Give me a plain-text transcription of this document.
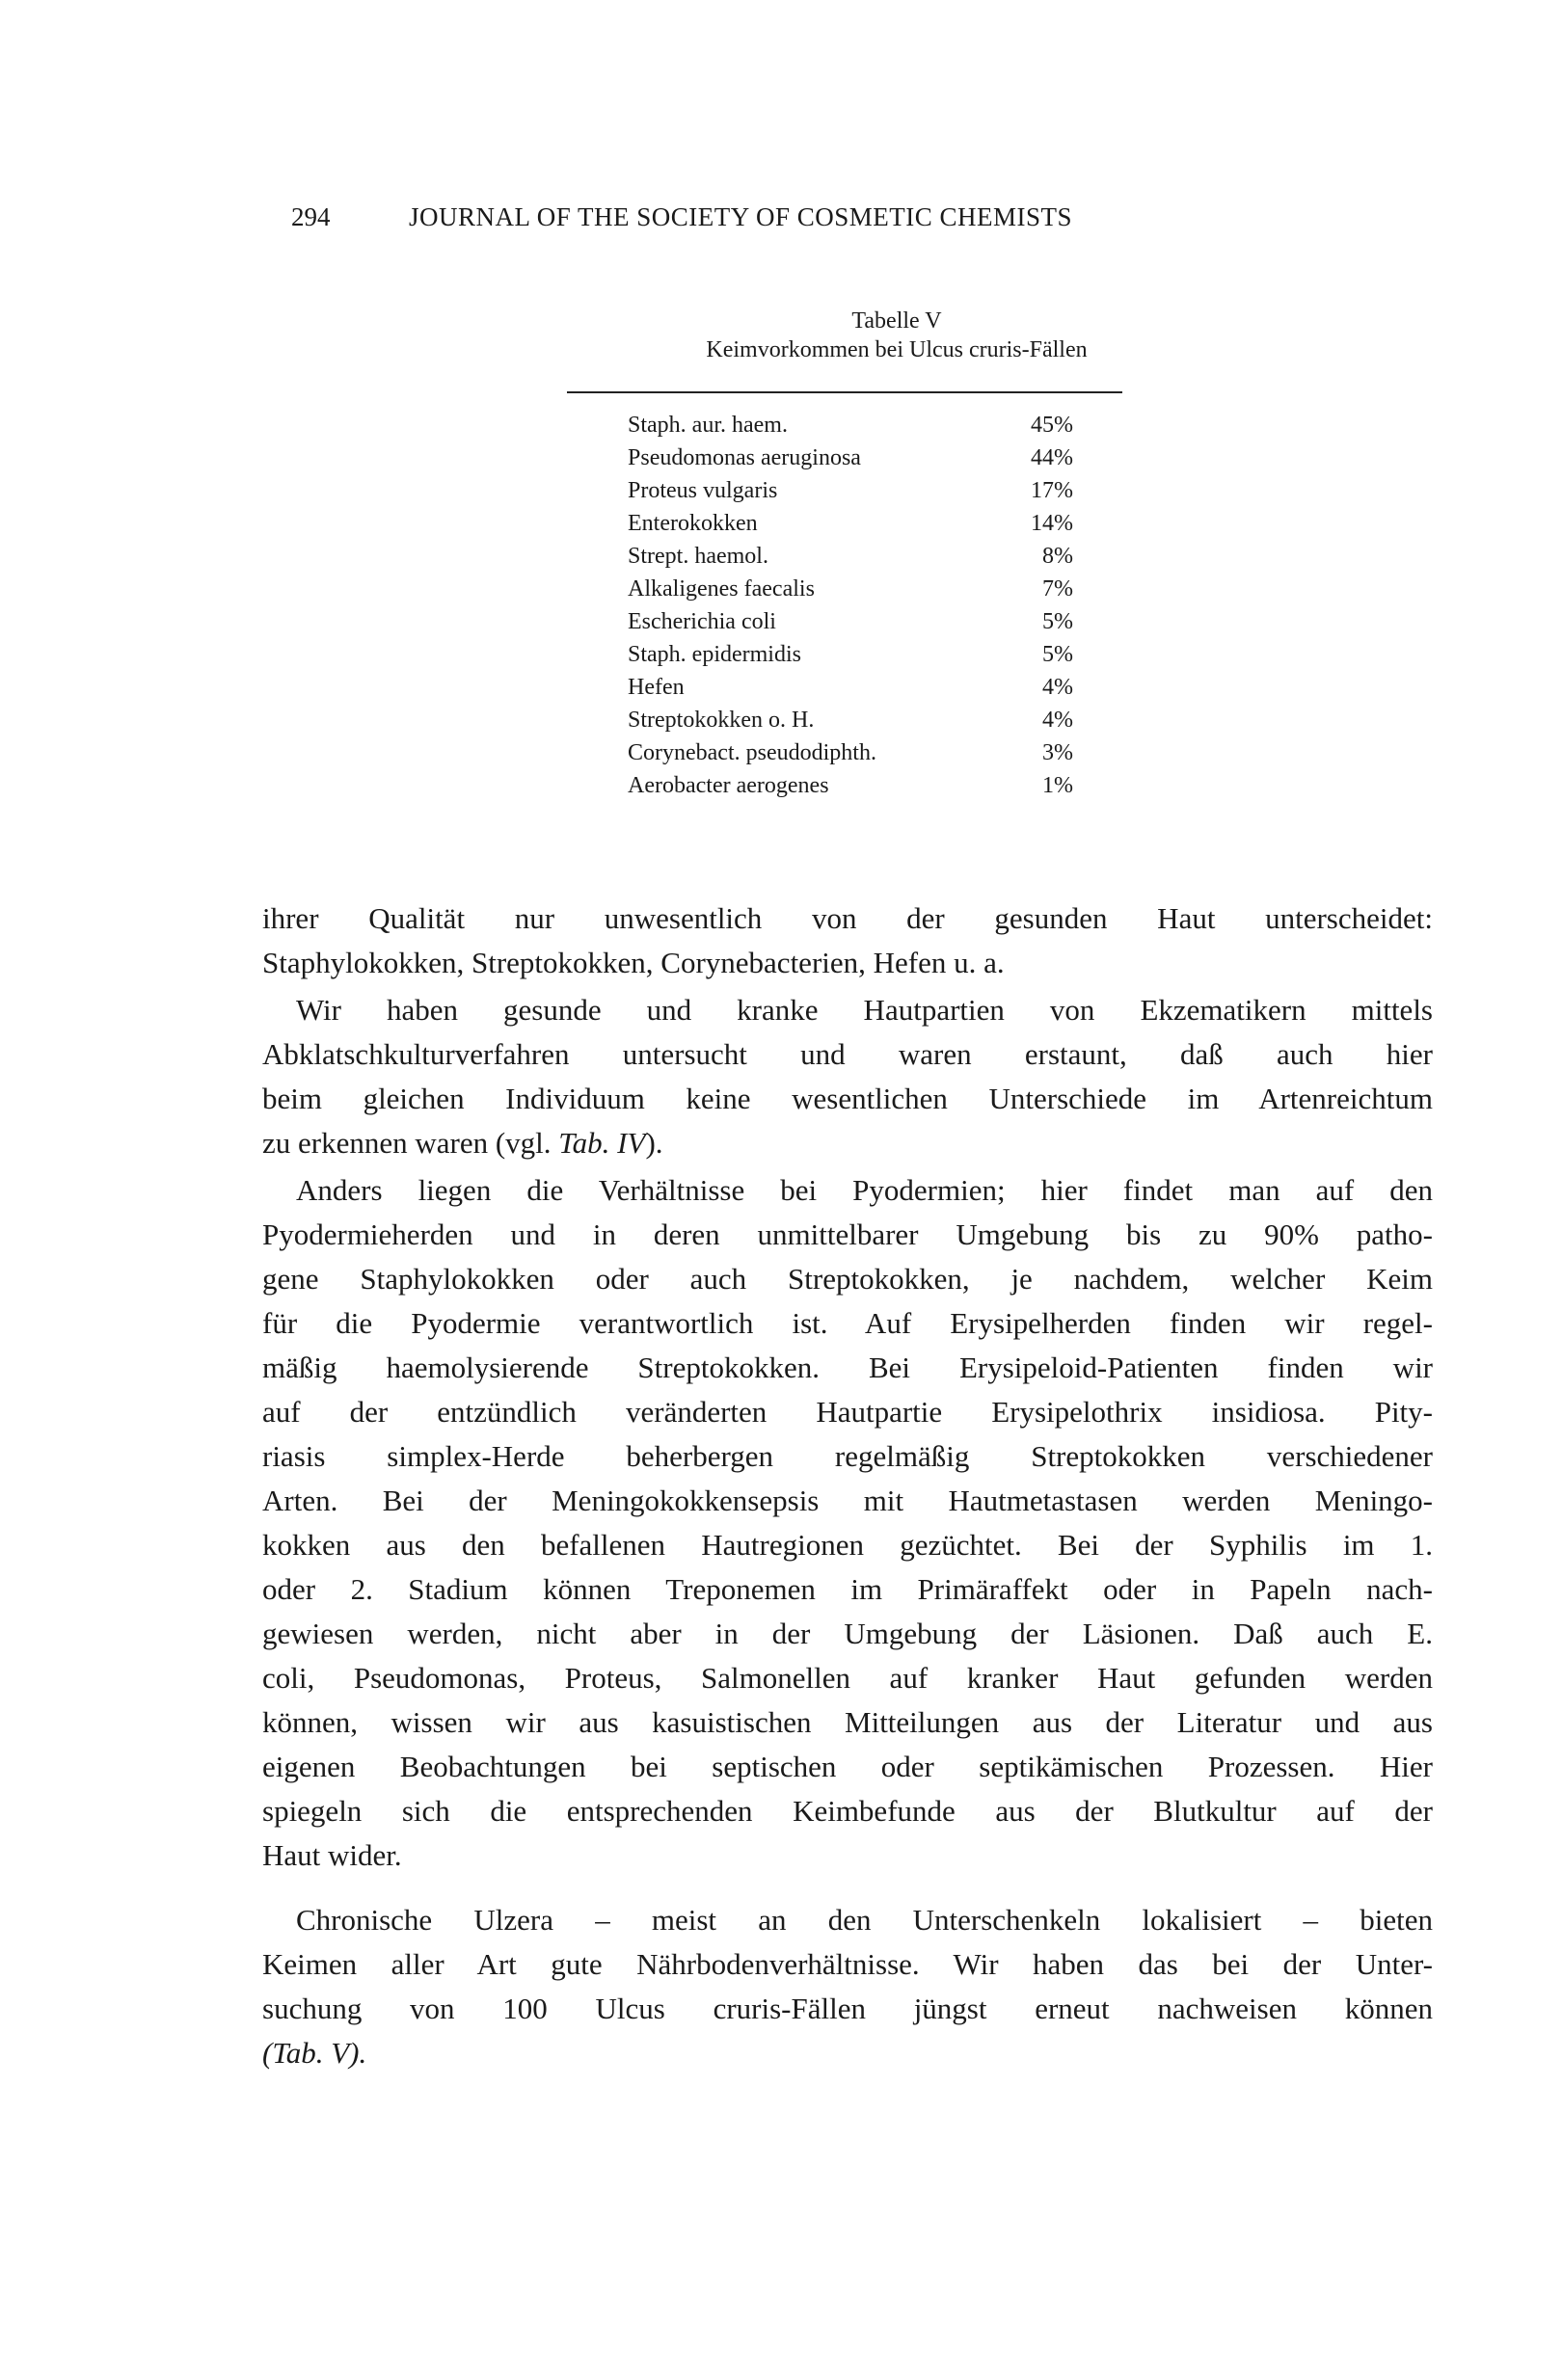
294	JOURNAL OF THE SOCIETY OF COSMETIC CHEMISTS
Tabelle V
Keimvorkommen bei Ulcus cruris-Fällen
Staph. aur. haem.	45%
Pseudomonas aeruginosa	44%
Proteus vulgaris	17%
Enterokokken	14%
Strept. haemol.	8%
Alkaligenes faecalis	7%
Escherichia coli	5%
Staph. epidermidis	5%
Hefen	4%
Streptokokken o. H.	4%
Corynebact. pseudodiphth.	3%
Aerobacter aerogenes	1%
ihrer Qualität nur unwesentlich von der gesunden Haut unterscheidet:
Staphylokokken, Streptokokken, Corynebacterien, Hefen u. a.
Wir haben gesunde und kranke Hautpartien von Ekzematikern mittels
Abklatschkulturverfahren untersucht und waren erstaunt, daß auch hier
beim gleichen Individuum keine wesentlichen Unterschiede im Artenreichtum
zu erkennen waren (vgl. Tab. IV).
Anders liegen die Verhältnisse bei Pyodermien; hier findet man auf den
Pyodermieherden und in deren unmittelbarer Umgebung bis zu 90% patho-
gene Staphylokokken oder auch Streptokokken, je nachdem, welcher Keim
für die Pyodermie verantwortlich ist. Auf Erysipelherden finden wir regel-
mäßig haemolysierende Streptokokken. Bei Erysipeloid-Patienten finden wir
auf der entzündlich veränderten Hautpartie Erysipelothrix insidiosa. Pity-
riasis simplex-Herde beherbergen regelmäßig Streptokokken verschiedener
Arten. Bei der Meningokokkensepsis mit Hautmetastasen werden Meningo-
kokken aus den befallenen Hautregionen gezüchtet. Bei der Syphilis im 1.
oder 2. Stadium können Treponemen im Primäraffekt oder in Papeln nach-
gewiesen werden, nicht aber in der Umgebung der Läsionen. Daß auch E.
coli, Pseudomonas, Proteus, Salmonellen auf kranker Haut gefunden werden
können, wissen wir aus kasuistischen Mitteilungen aus der Literatur und aus
eigenen Beobachtungen bei septischen oder septikämischen Prozessen. Hier
spiegeln sich die entsprechenden Keimbefunde aus der Blutkultur auf der
Haut wider.
Chronische Ulzera – meist an den Unterschenkeln lokalisiert – bieten
Keimen aller Art gute Nährbodenverhältnisse. Wir haben das bei der Unter-
suchung von 100 Ulcus cruris-Fällen jüngst erneut nachweisen können
(Tab. V).
